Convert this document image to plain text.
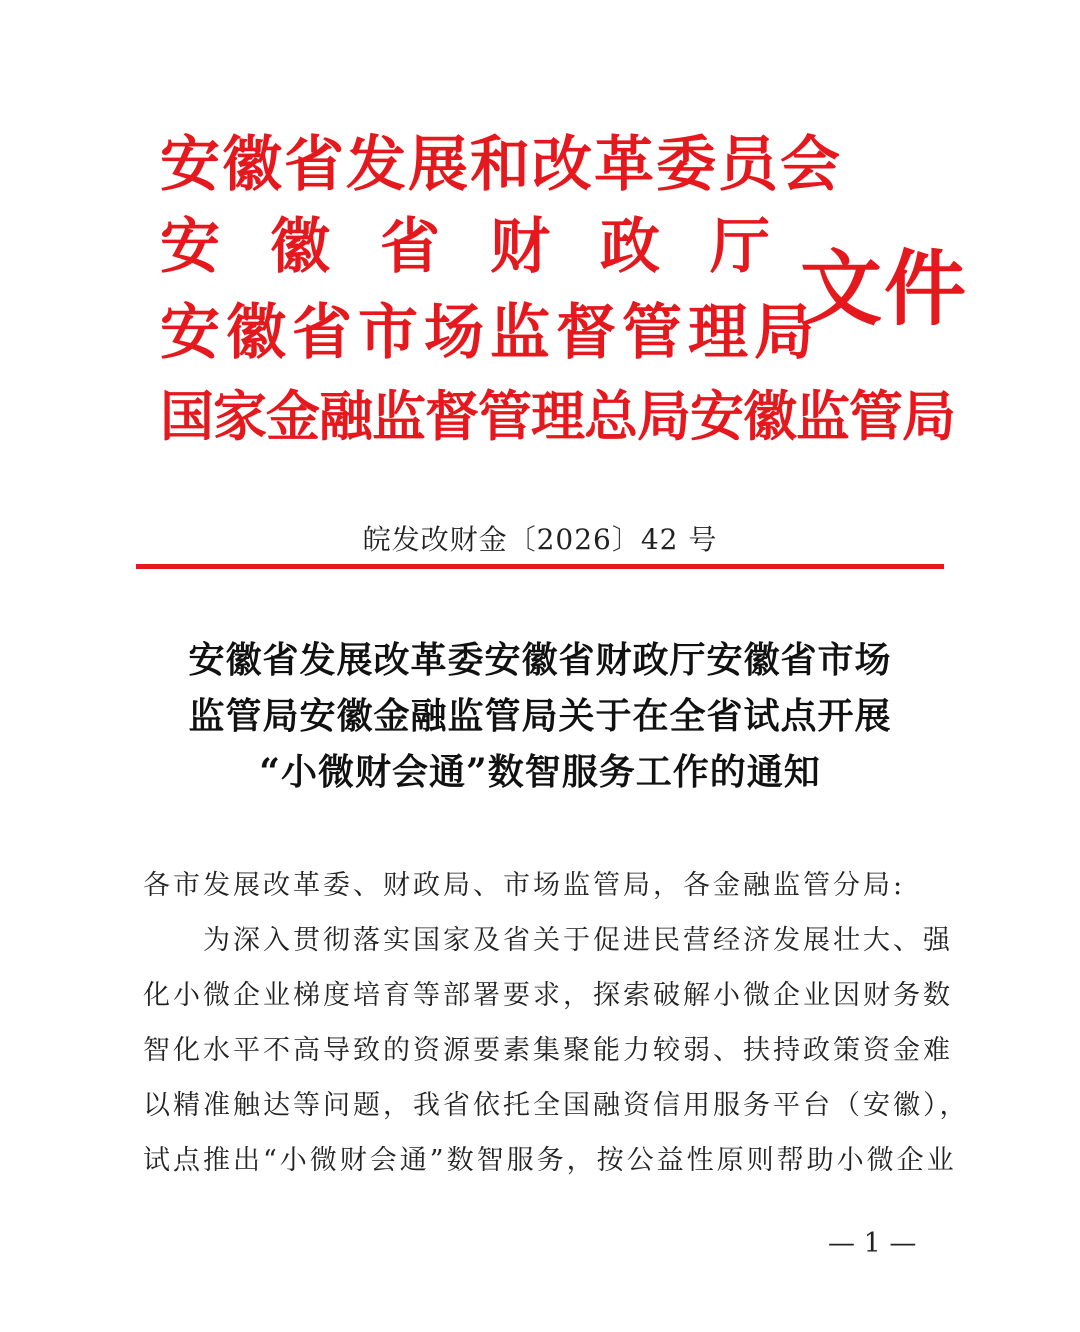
安徽省发展和改革委员会
安徽省财政厅
安徽省市场监督管理局
国家金融监督管理总局安徽监管局
文件
皖发改财金〔2026〕42 号
安徽省发展改革委安徽省财政厅安徽省市场
监管局安徽金融监管局关于在全省试点开展
“小微财会通”数智服务工作的通知
各市发展改革委、财政局、市场监管局，各金融监管分局:
为深入贯彻落实国家及省关于促进民营经济发展壮大、强
化小微企业梯度培育等部署要求，探索破解小微企业因财务数
智化水平不高导致的资源要素集聚能力较弱、扶持政策资金难
以精准触达等问题，我省依托全国融资信用服务平台（安徽），
试点推出“小微财会通”数智服务，按公益性原则帮助小微企业
— 1 —
